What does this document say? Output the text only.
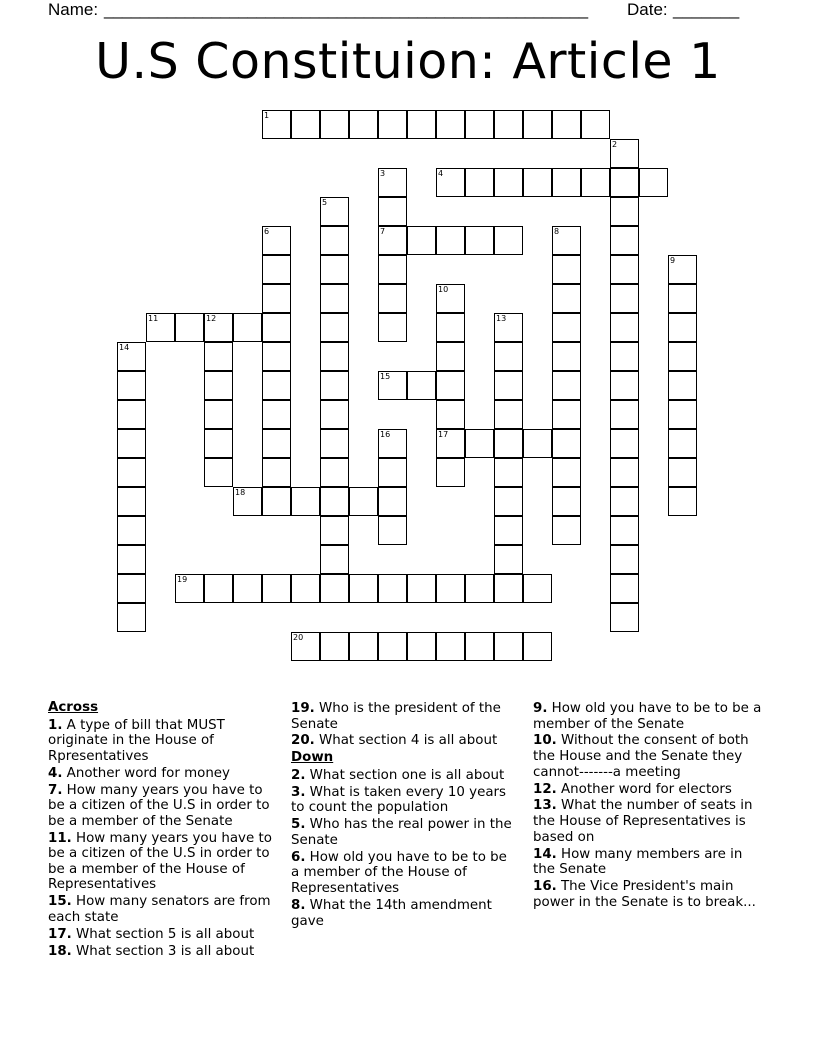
Name: ______________________________________________________ Date: _______
U.S Constituion: Article 1
1
2
3	4
5
6	7	8
9
10
11	12	13
14
15
16	17
18
19
20
Across
1. A type of bill that MUST originate in the House of Rpresentatives
4. Another word for money
7. How many years you have to be a citizen of the U.S in order to be a member of the Senate
11. How many years you have to be a citizen of the U.S in order to be a member of the House of Representatives
15. How many senators are from each state
17. What section 5 is all about
18. What section 3 is all about
19. Who is the president of the Senate
20. What section 4 is all about
Down
2. What section one is all about
3. What is taken every 10 years to count the population
5. Who has the real power in the Senate
6. How old you have to be to be a member of the House of Representatives
8. What the 14th amendment gave
9. How old you have to be to be a member of the Senate
10. Without the consent of both the House and the Senate they cannot-------a meeting
12. Another word for electors
13. What the number of seats in the House of Representatives is based on
14. How many members are in the Senate
16. The Vice President's main power in the Senate is to break...
